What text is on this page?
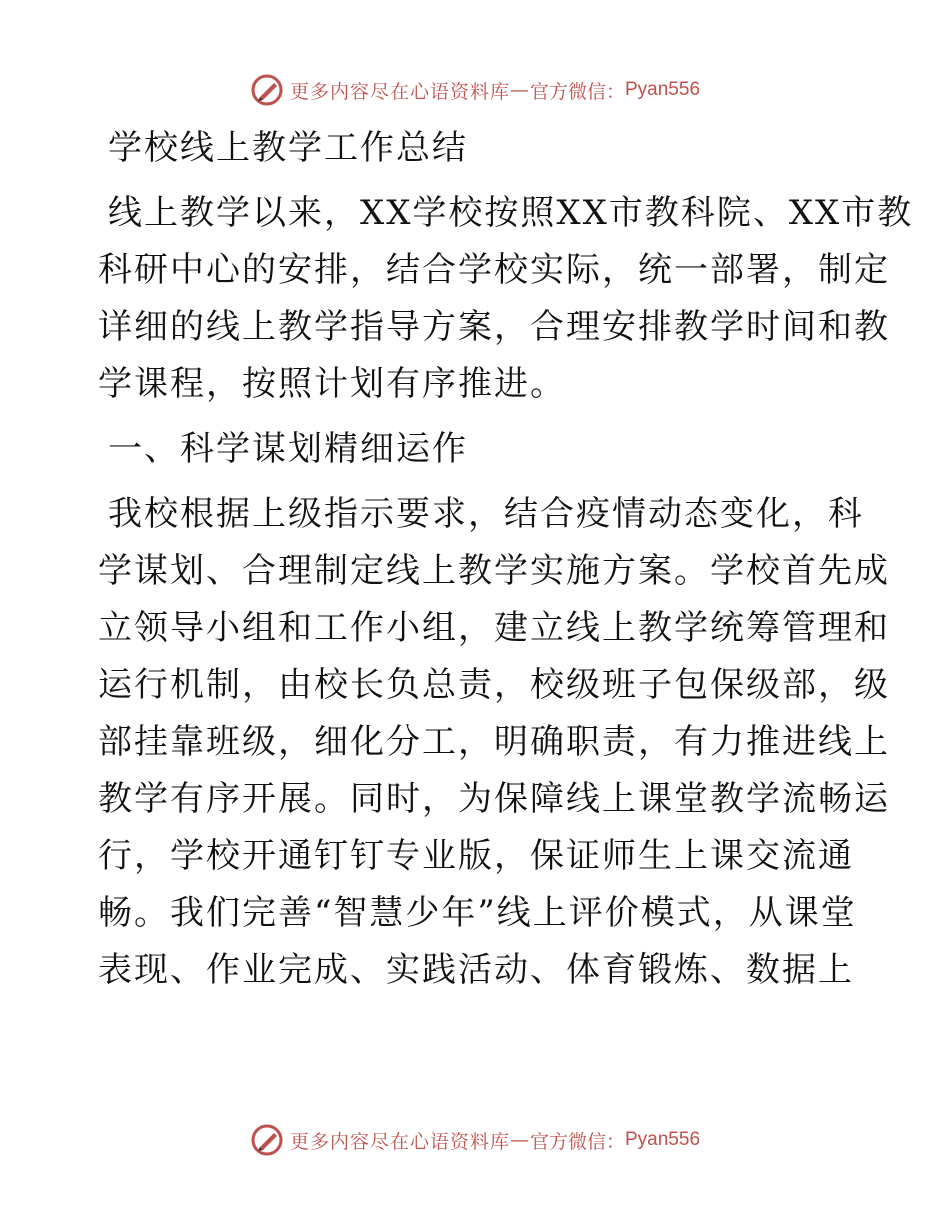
更多内容尽在心语资料库 — 官方微信： Pyan556
学校线上教学工作总结
线上教学以来，XX学校按照XX市教科院、XX市教
科研中心的安排，结合学校实际，统一部署，制定
详细的线上教学指导方案，合理安排教学时间和教
学课程，按照计划有序推进。
一、科学谋划精细运作
我校根据上级指示要求，结合疫情动态变化，科
学谋划、合理制定线上教学实施方案。学校首先成
立领导小组和工作小组，建立线上教学统筹管理和
运行机制，由校长负总责，校级班子包保级部，级
部挂靠班级，细化分工，明确职责，有力推进线上
教学有序开展。同时，为保障线上课堂教学流畅运
行，学校开通钉钉专业版，保证师生上课交流通
畅。我们完善“智慧少年”线上评价模式，从课堂
表现、作业完成、实践活动、体育锻炼、数据上
更多内容尽在心语资料库 — 官方微信： Pyan556
